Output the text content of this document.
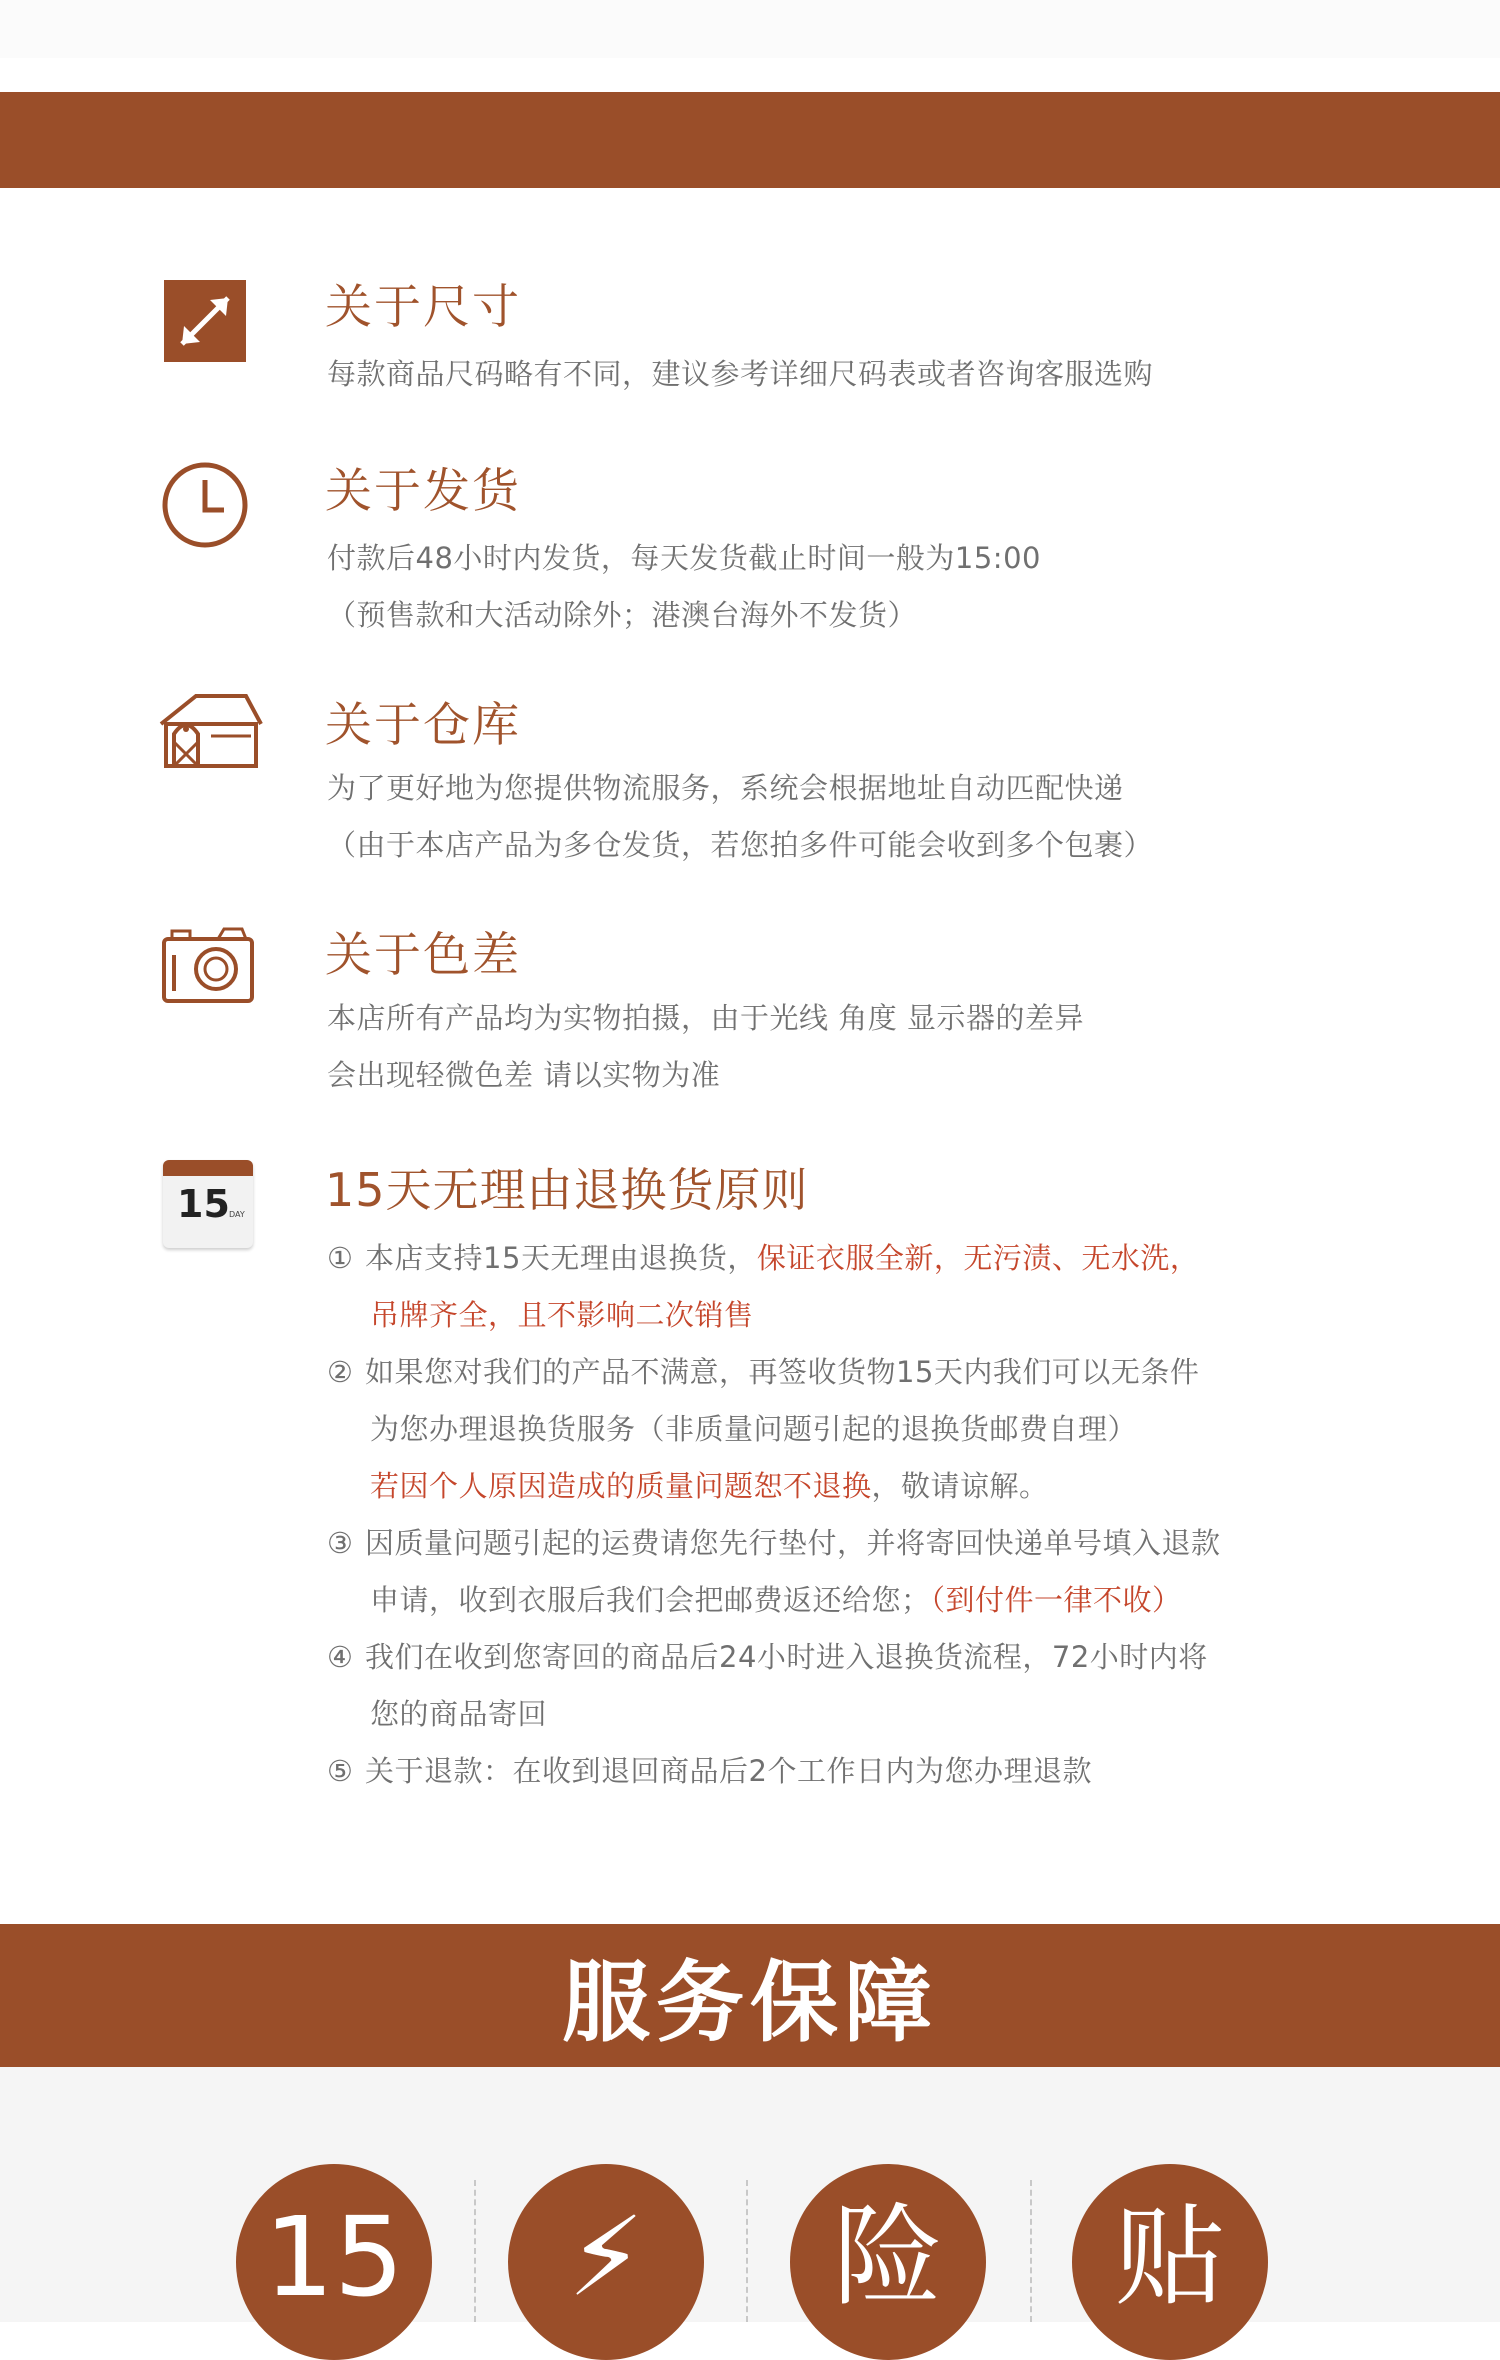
关于尺寸
每款商品尺码略有不同，建议参考详细尺码表或者咨询客服选购
关于发货
付款后48小时内发货，每天发货截止时间一般为15:00
（预售款和大活动除外；港澳台海外不发货）
关于仓库
为了更好地为您提供物流服务，系统会根据地址自动匹配快递
（由于本店产品为多仓发货，若您拍多件可能会收到多个包裹）
关于色差
本店所有产品均为实物拍摄，由于光线 角度 显示器的差异
会出现轻微色差 请以实物为准
15 DAY 15天无理由退换货原则
① 本店支持15天无理由退换货，保证衣服全新，无污渍、无水洗，
吊牌齐全，且不影响二次销售
② 如果您对我们的产品不满意，再签收货物15天内我们可以无条件
为您办理退换货服务（非质量问题引起的退换货邮费自理）
若因个人原因造成的质量问题恕不退换，敬请谅解。
③ 因质量问题引起的运费请您先行垫付，并将寄回快递单号填入退款
申请，收到衣服后我们会把邮费返还给您；（到付件一律不收）
④ 我们在收到您寄回的商品后24小时进入退换货流程，72小时内将
您的商品寄回
⑤ 关于退款：在收到退回商品后2个工作日内为您办理退款
服务保障
15 ⚡ 险 贴
